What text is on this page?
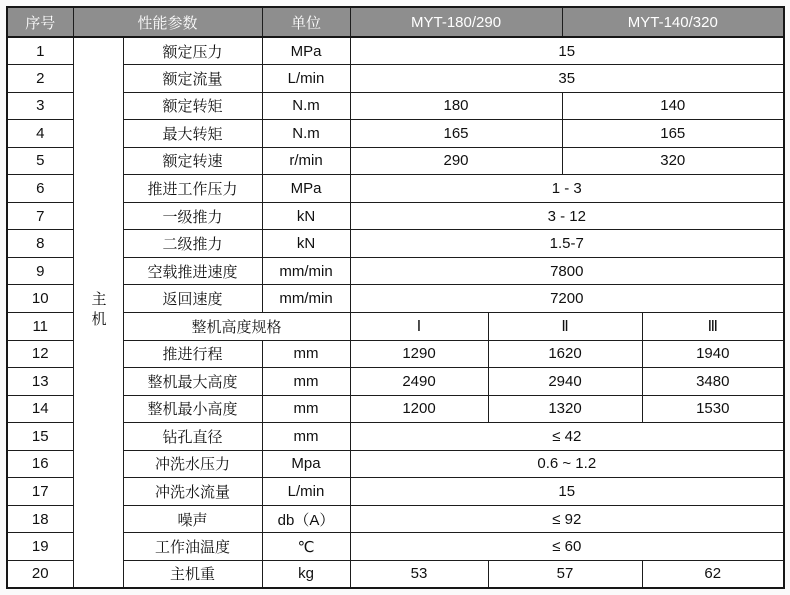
序号	性能参数		单位	MYT-180/290		MYT-140/320	
1	主机	额定压力	MPa	15			
2		额定流量	L/min	35			
3		额定转矩	N.m	180		140	
4		最大转矩	N.m	165		165	
5		额定转速	r/min	290		320	
6		推进工作压力	MPa	1 - 3			
7		一级推力	kN	3 - 12			
8		二级推力	kN	1.5-7			
9		空载推进速度	mm/min	7800			
10		返回速度	mm/min	7200			
11		整机高度规格		Ⅰ	Ⅱ		Ⅲ
12		推进行程	mm	1290	1620		1940
13		整机最大高度	mm	2490	2940		3480
14		整机最小高度	mm	1200	1320		1530
15		钻孔直径	mm	≤ 42			
16		冲洗水压力	Mpa	0.6 ~ 1.2			
17		冲洗水流量	L/min	15			
18		噪声	db（A）	≤ 92			
19		工作油温度	℃	≤ 60			
20		主机重	kg	53	57		62
